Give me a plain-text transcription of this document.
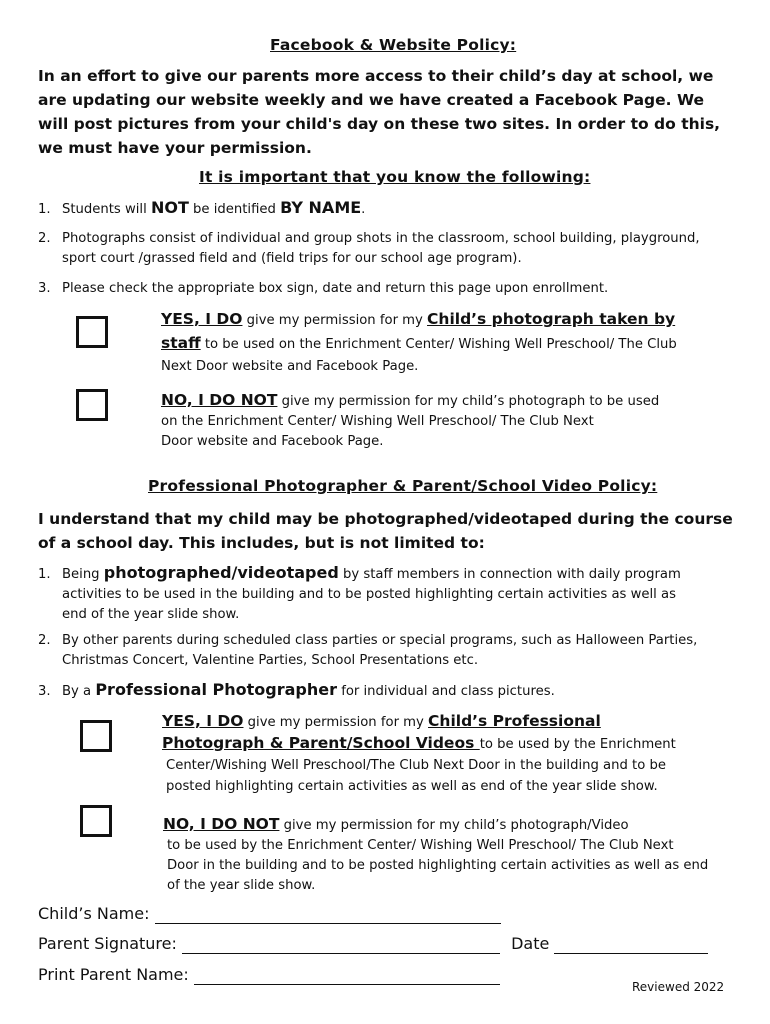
Facebook & Website Policy:
In an effort to give our parents more access to their child’s day at school, we are updating our website weekly and we have created a Facebook Page. We will post pictures from your child's day on these two sites. In order to do this, we must have your permission.
It is important that you know the following:
1. Students will NOT be identified BY NAME.
2. Photographs consist of individual and group shots in the classroom, school building, playground,
sport court /grassed field and (field trips for our school age program).
3. Please check the appropriate box sign, date and return this page upon enrollment.
YES, I DO give my permission for my Child’s photograph taken by
staff to be used on the Enrichment Center/ Wishing Well Preschool/ The Club
Next Door website and Facebook Page.
NO, I DO NOT give my permission for my child’s photograph to be used
on the Enrichment Center/ Wishing Well Preschool/ The Club Next
Door website and Facebook Page.
Professional Photographer & Parent/School Video Policy:
I understand that my child may be photographed/videotaped during the course of a school day. This includes, but is not limited to:
1. Being photographed/videotaped by staff members in connection with daily program
activities to be used in the building and to be posted highlighting certain activities as well as
end of the year slide show.
2. By other parents during scheduled class parties or special programs, such as Halloween Parties,
Christmas Concert, Valentine Parties, School Presentations etc.
3. By a Professional Photographer for individual and class pictures.
YES, I DO give my permission for my Child’s Professional
Photograph & Parent/School Videos to be used by the Enrichment
Center/Wishing Well Preschool/The Club Next Door in the building and to be
posted highlighting certain activities as well as end of the year slide show.
NO, I DO NOT give my permission for my child’s photograph/Video
to be used by the Enrichment Center/ Wishing Well Preschool/ The Club Next
Door in the building and to be posted highlighting certain activities as well as end
of the year slide show.
Child’s Name:
Parent Signature:	Date
Print Parent Name:
Reviewed 2022
